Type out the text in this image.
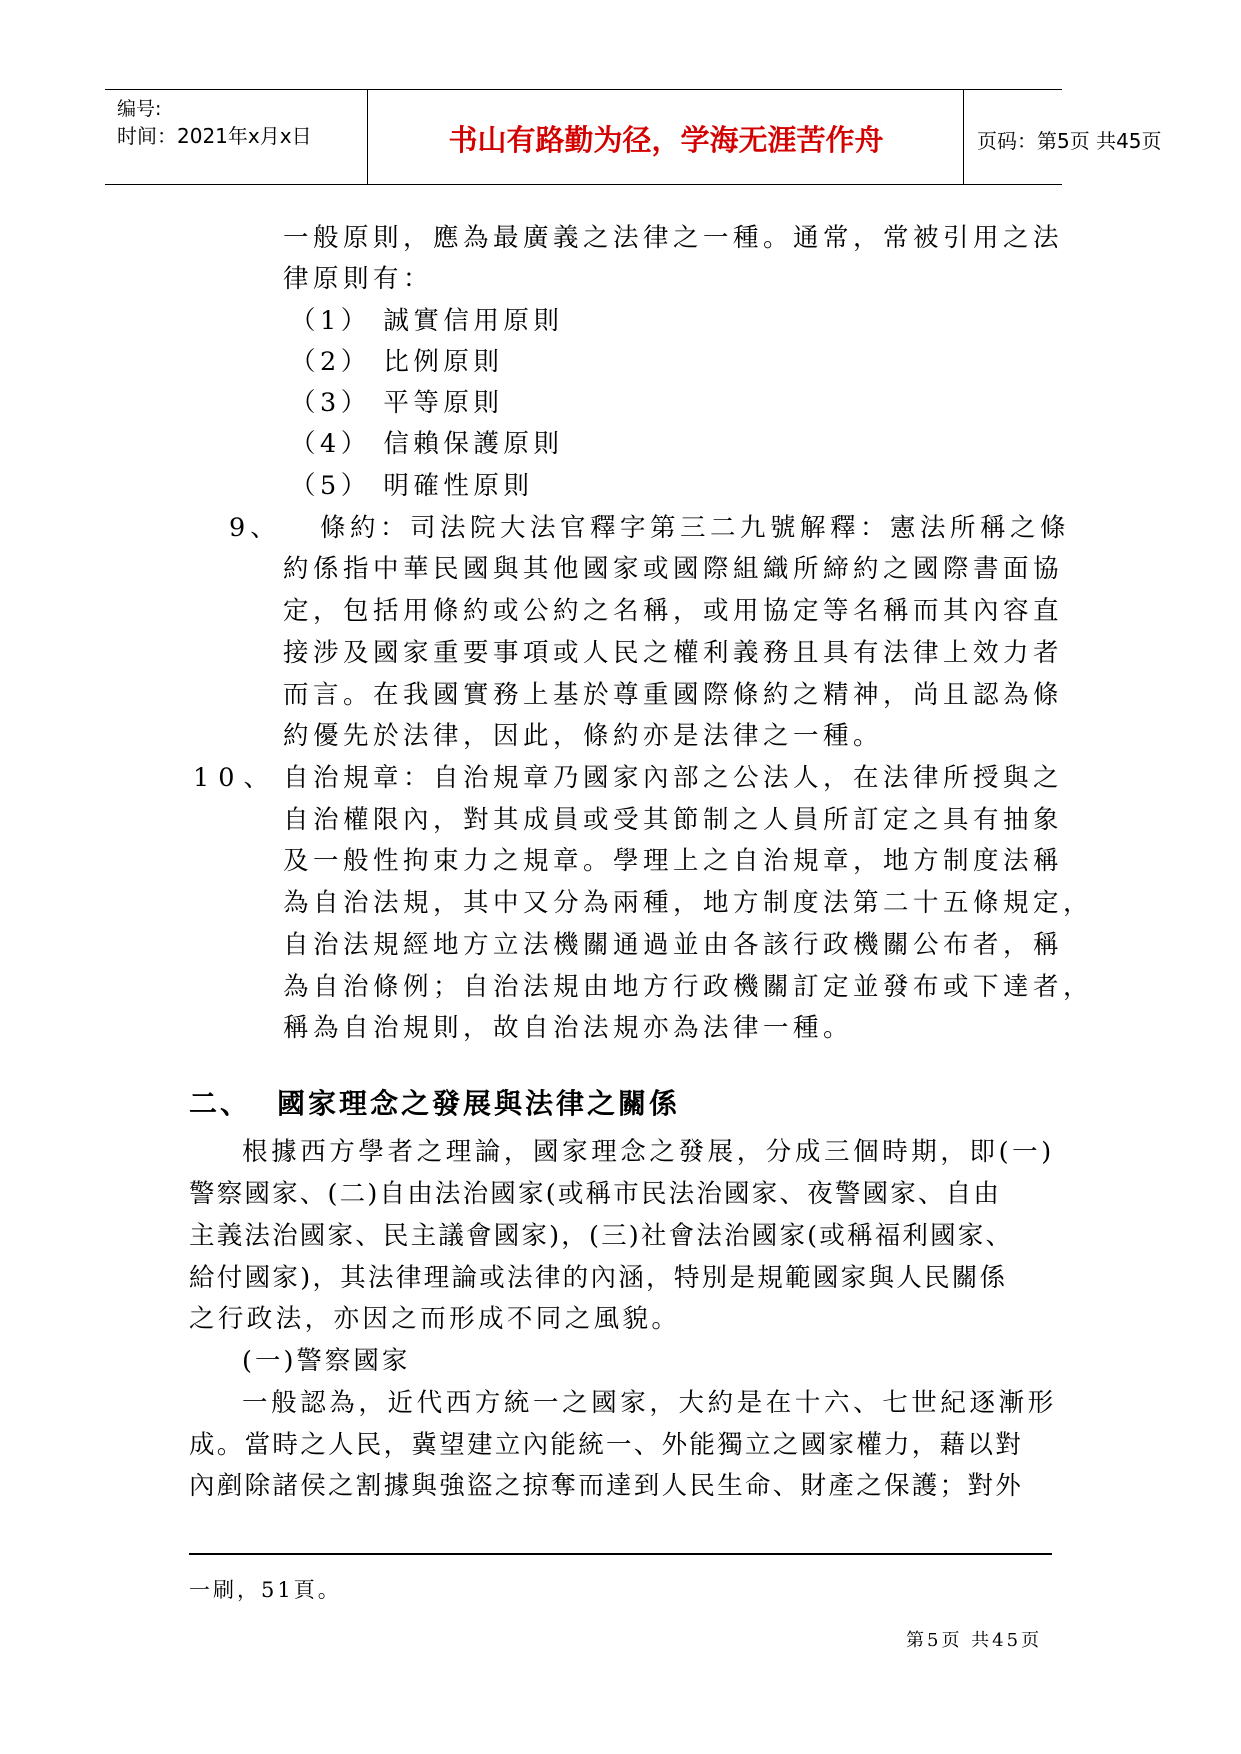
编号:
时间：2021年x月x日	书山有路勤为径，学海无涯苦作舟	页码：第5页 共45页
一般原則，應為最廣義之法律之一種。通常，常被引用之法
律原則有：
（1） 誠實信用原則
（2） 比例原則
（3） 平等原則
（4） 信賴保護原則
（5） 明確性原則
9、 條約：司法院大法官釋字第三二九號解釋：憲法所稱之條
約係指中華民國與其他國家或國際組織所締約之國際書面協
定，包括用條約或公約之名稱，或用協定等名稱而其內容直
接涉及國家重要事項或人民之權利義務且具有法律上效力者
而言。在我國實務上基於尊重國際條約之精神，尚且認為條
約優先於法律，因此，條約亦是法律之一種。
10、 自治規章：自治規章乃國家內部之公法人，在法律所授與之
自治權限內，對其成員或受其節制之人員所訂定之具有抽象
及一般性拘束力之規章。學理上之自治規章，地方制度法稱
為自治法規，其中又分為兩種，地方制度法第二十五條規定，
自治法規經地方立法機關通過並由各該行政機關公布者，稱
為自治條例；自治法規由地方行政機關訂定並發布或下達者，
稱為自治規則，故自治法規亦為法律一種。
二、 國家理念之發展與法律之關係
根據西方學者之理論，國家理念之發展，分成三個時期，即(一)
警察國家、(二)自由法治國家(或稱市民法治國家、夜警國家、自由
主義法治國家、民主議會國家)，(三)社會法治國家(或稱福利國家、
給付國家)，其法律理論或法律的內涵，特別是規範國家與人民關係
之行政法，亦因之而形成不同之風貌。
(一)警察國家
一般認為，近代西方統一之國家，大約是在十六、七世紀逐漸形
成。當時之人民，冀望建立內能統一、外能獨立之國家權力，藉以對
內剷除諸侯之割據與強盜之掠奪而達到人民生命、財產之保護；對外
一刷，51頁。
第5页 共45页
